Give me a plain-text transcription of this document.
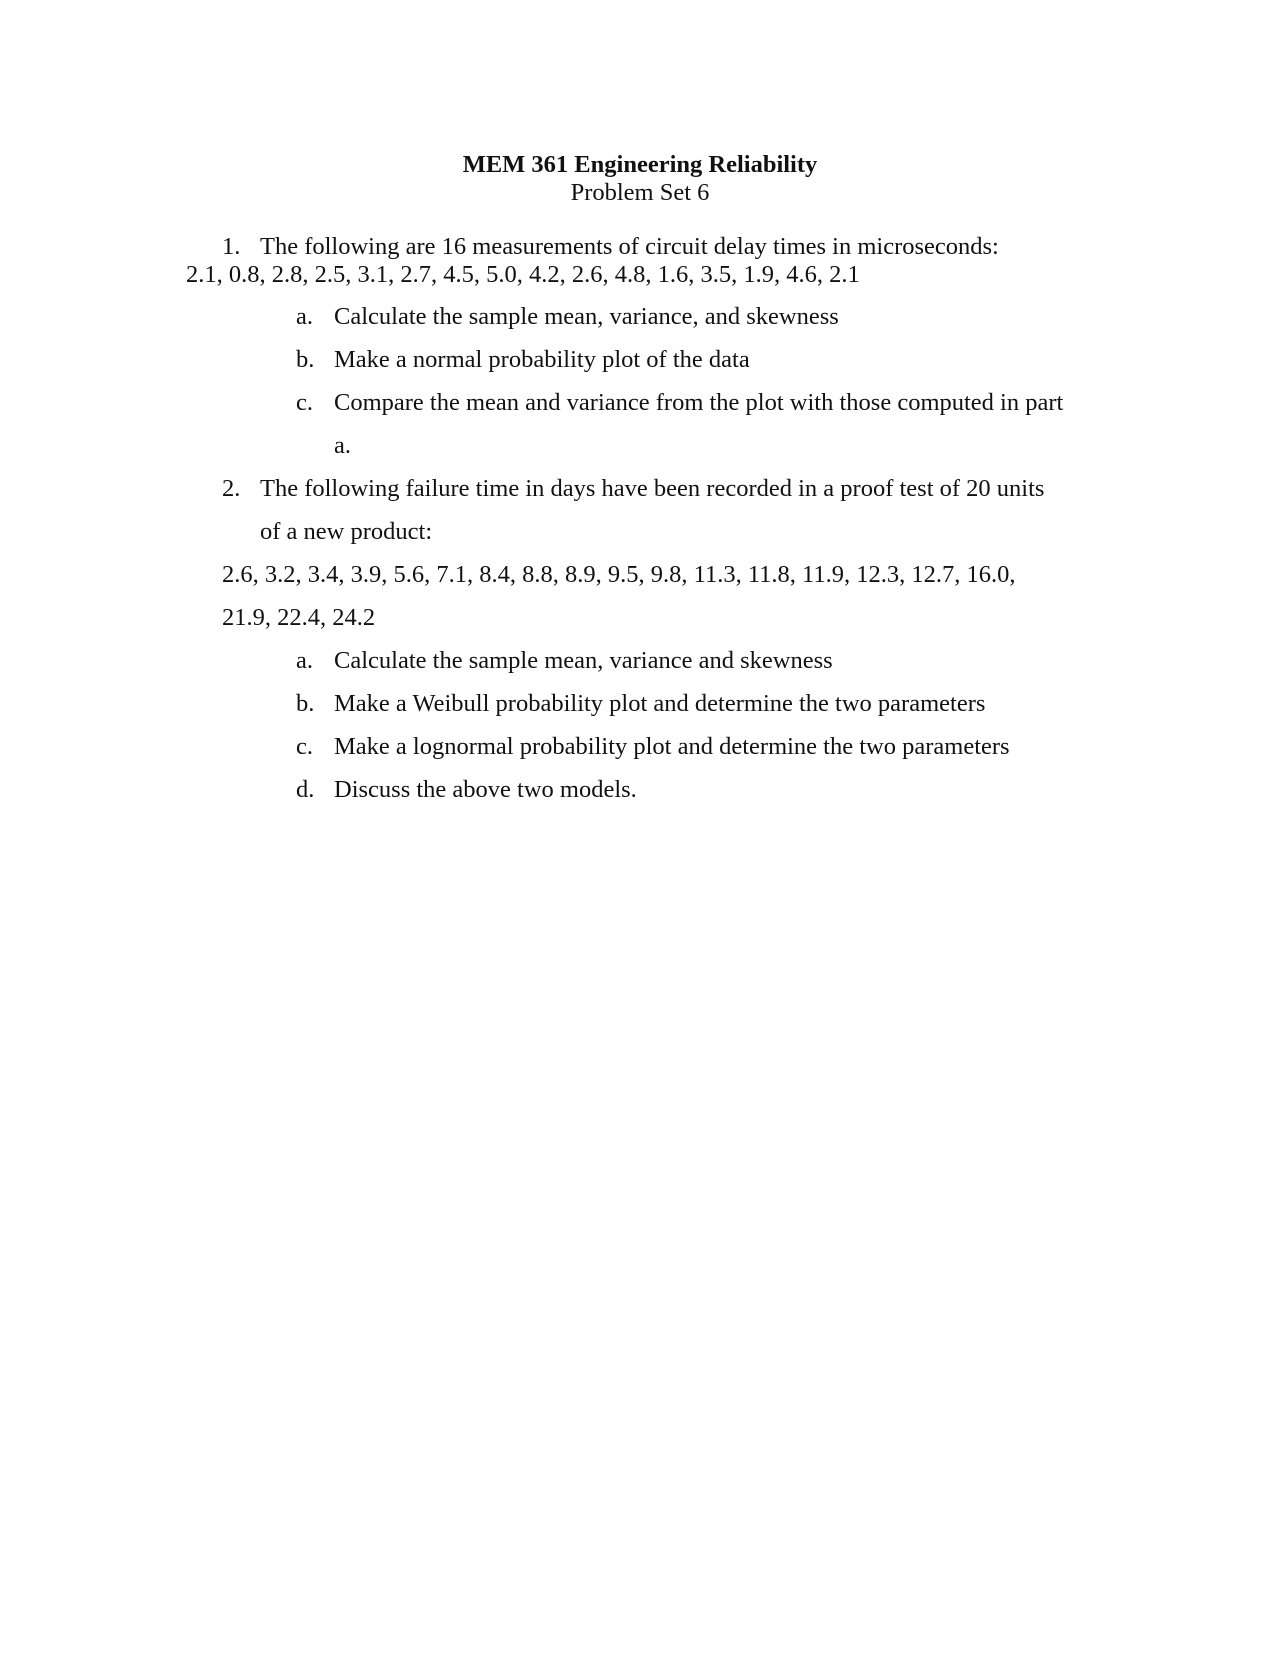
MEM 361 Engineering Reliability
Problem Set 6
1. The following are 16 measurements of circuit delay times in microseconds:
2.1, 0.8, 2.8, 2.5, 3.1, 2.7, 4.5, 5.0, 4.2, 2.6, 4.8, 1.6, 3.5, 1.9, 4.6, 2.1
a. Calculate the sample mean, variance, and skewness
b. Make a normal probability plot of the data
c. Compare the mean and variance from the plot with those computed in part
a.
2. The following failure time in days have been recorded in a proof test of 20 units
of a new product:
2.6, 3.2, 3.4, 3.9, 5.6, 7.1, 8.4, 8.8, 8.9, 9.5, 9.8, 11.3, 11.8, 11.9, 12.3, 12.7, 16.0,
21.9, 22.4, 24.2
a. Calculate the sample mean, variance and skewness
b. Make a Weibull probability plot and determine the two parameters
c. Make a lognormal probability plot and determine the two parameters
d. Discuss the above two models.
